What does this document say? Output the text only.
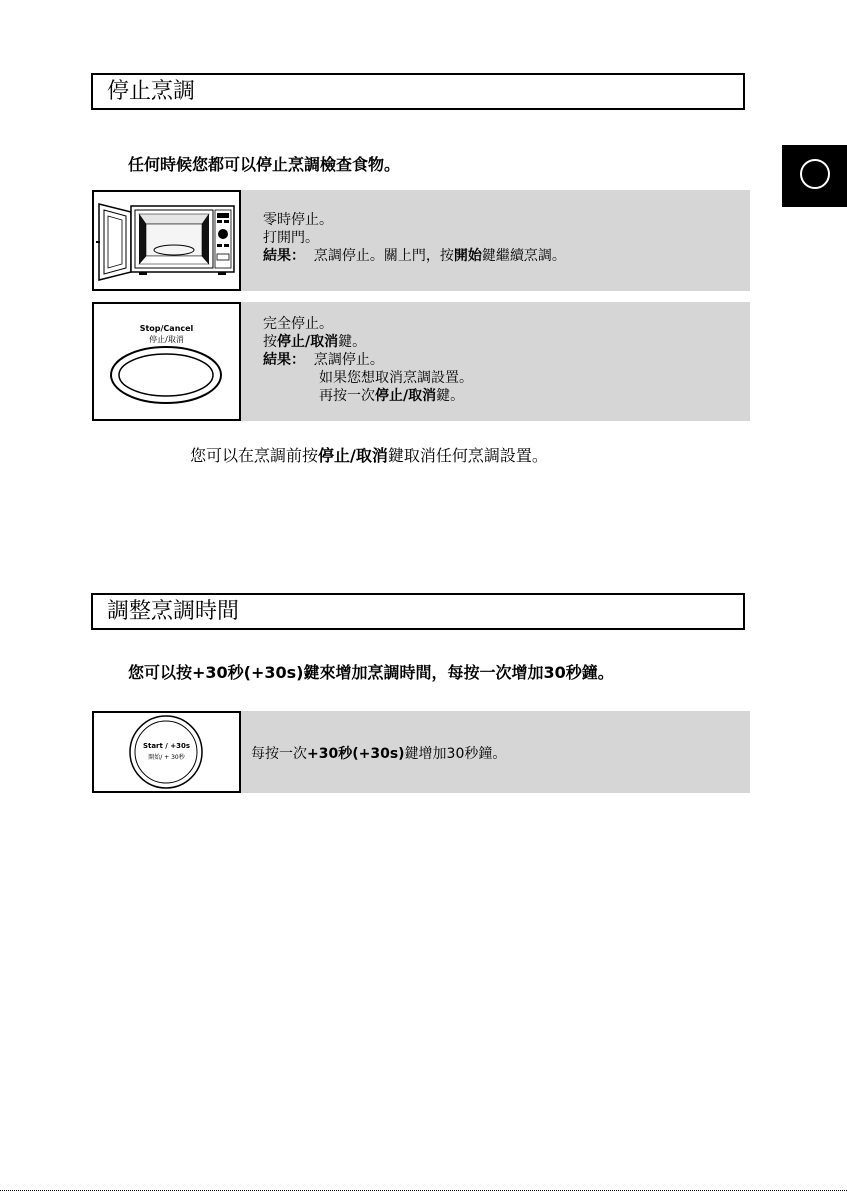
停止烹調
任何時候您都可以停止烹調檢查食物。
零時停止。
打開門。
結果： 烹調停止。關上門，按開始鍵繼續烹調。
Stop/Cancel
停止/取消
完全停止。
按停止/取消鍵。
結果： 烹調停止。
如果您想取消烹調設置。
再按一次停止/取消鍵。
您可以在烹調前按停止/取消鍵取消任何烹調設置。
調整烹調時間
您可以按+30秒(+30s)鍵來增加烹調時間，每按一次增加30秒鐘。
Start / +30s
開始/ + 30秒	每按一次+30秒(+30s)鍵增加30秒鐘。
